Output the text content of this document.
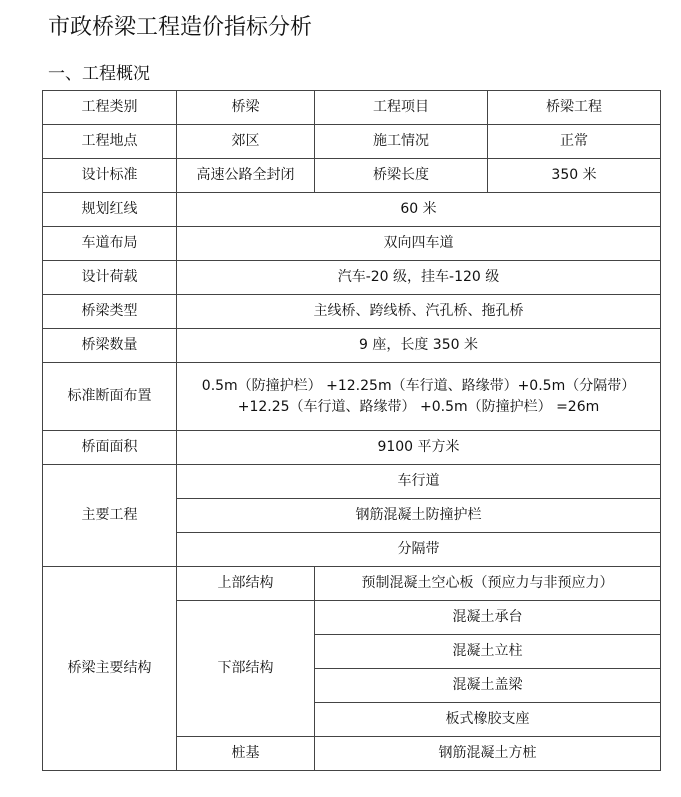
市政桥梁工程造价指标分析
一、工程概况
工程类别	桥梁	工程项目	桥梁工程
工程地点	郊区	施工情况	正常
设计标准	高速公路全封闭	桥梁长度	350 米
规划红线	60 米		
车道布局	双向四车道		
设计荷载	汽车-20 级，挂车-120 级		
桥梁类型	主线桥、跨线桥、汽孔桥、拖孔桥		
桥梁数量	9 座，长度 350 米		
标准断面布置	0.5m（防撞护栏） +12.25m（车行道、路缘带）+0.5m（分隔带）+12.25（车行道、路缘带） +0.5m（防撞护栏） =26m		
桥面面积	9100 平方米		
主要工程	车行道		
	钢筋混凝土防撞护栏		
	分隔带		
桥梁主要结构	上部结构	预制混凝土空心板（预应力与非预应力）	
	下部结构	混凝土承台	
		混凝土立柱	
		混凝土盖梁	
		板式橡胶支座	
	桩基	钢筋混凝土方桩	
